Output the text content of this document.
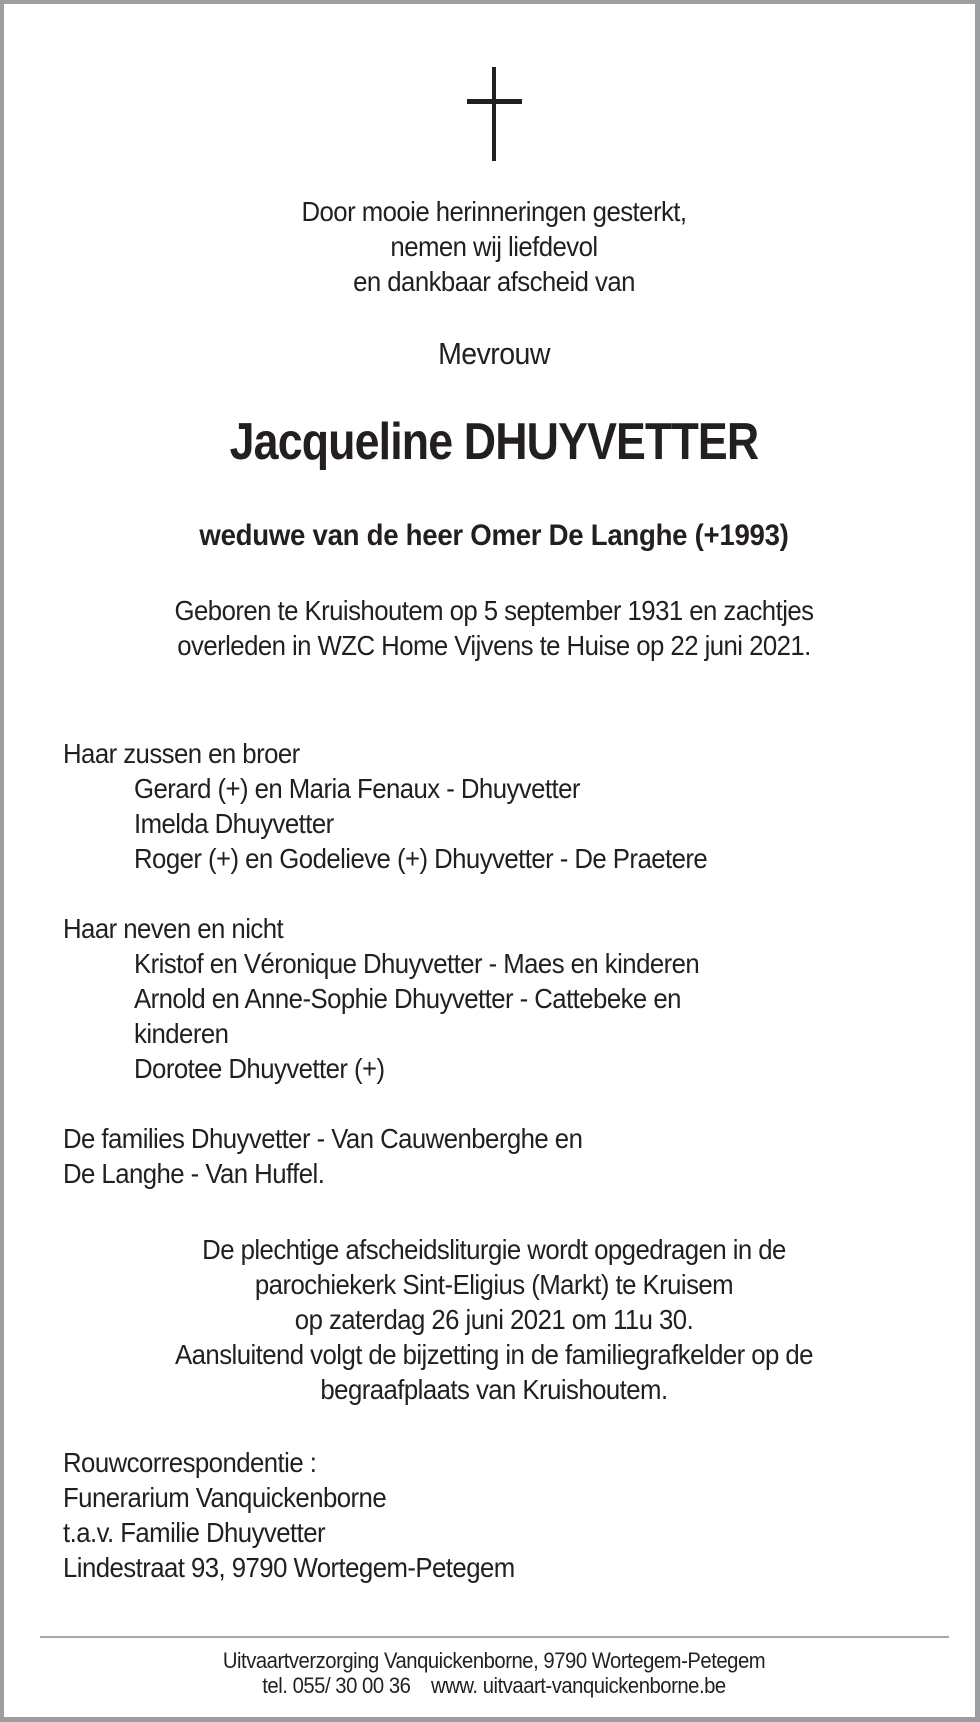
Door mooie herinneringen gesterkt,
nemen wij liefdevol
en dankbaar afscheid van
Mevrouw
Jacqueline DHUYVETTER
weduwe van de heer Omer De Langhe (+1993)
Geboren te Kruishoutem op 5 september 1931 en zachtjes
overleden in WZC Home Vijvens te Huise op 22 juni 2021.
Haar zussen en broer
Gerard (+) en Maria Fenaux - Dhuyvetter
Imelda Dhuyvetter
Roger (+) en Godelieve (+) Dhuyvetter - De Praetere
Haar neven en nicht
Kristof en Véronique Dhuyvetter - Maes en kinderen
Arnold en Anne-Sophie Dhuyvetter - Cattebeke en
kinderen
Dorotee Dhuyvetter (+)
De families Dhuyvetter - Van Cauwenberghe en
De Langhe - Van Huffel.
De plechtige afscheidsliturgie wordt opgedragen in de
parochiekerk Sint-Eligius (Markt) te Kruisem
op zaterdag 26 juni 2021 om 11u 30.
Aansluitend volgt de bijzetting in de familiegrafkelder op de
begraafplaats van Kruishoutem.
Rouwcorrespondentie :
Funerarium Vanquickenborne
t.a.v. Familie Dhuyvetter
Lindestraat 93, 9790 Wortegem-Petegem
Uitvaartverzorging Vanquickenborne, 9790 Wortegem-Petegem
tel. 055/ 30 00 36    www. uitvaart-vanquickenborne.be
